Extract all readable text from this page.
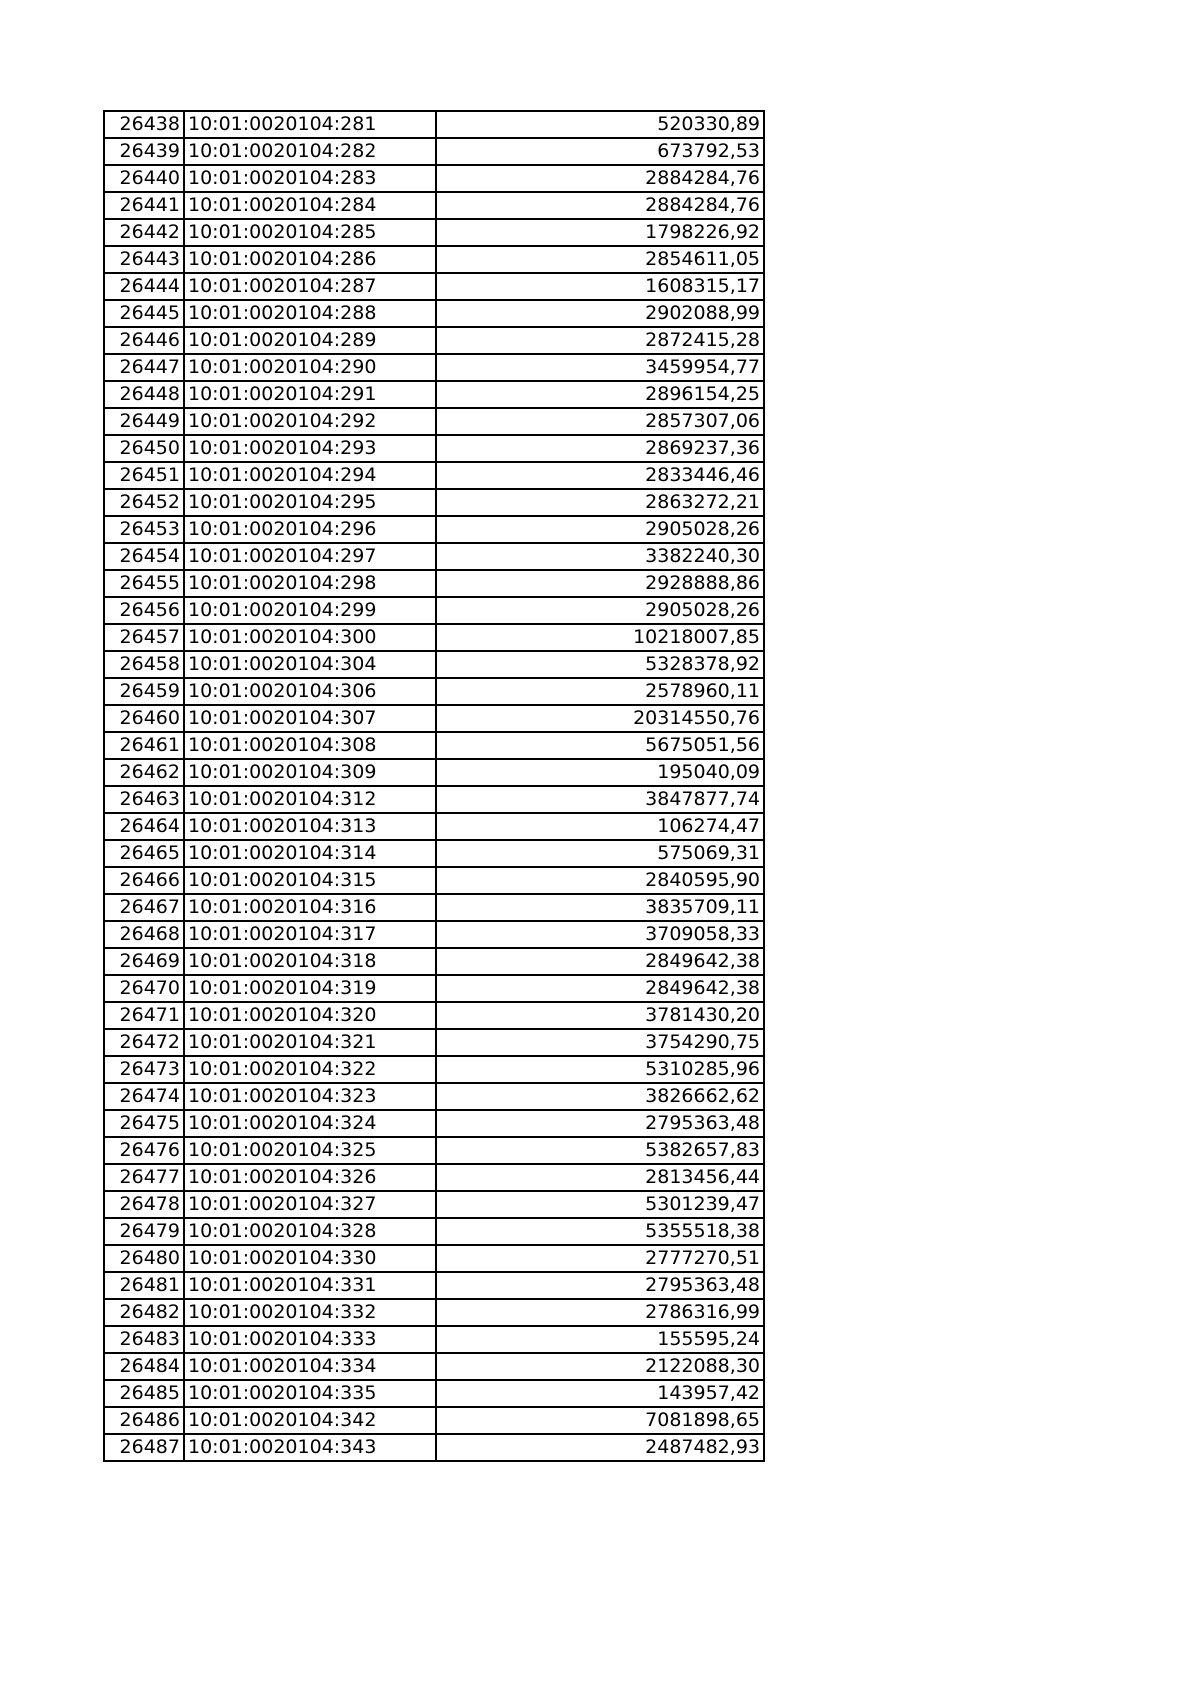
26438	10:01:0020104:281	520330,89
26439	10:01:0020104:282	673792,53
26440	10:01:0020104:283	2884284,76
26441	10:01:0020104:284	2884284,76
26442	10:01:0020104:285	1798226,92
26443	10:01:0020104:286	2854611,05
26444	10:01:0020104:287	1608315,17
26445	10:01:0020104:288	2902088,99
26446	10:01:0020104:289	2872415,28
26447	10:01:0020104:290	3459954,77
26448	10:01:0020104:291	2896154,25
26449	10:01:0020104:292	2857307,06
26450	10:01:0020104:293	2869237,36
26451	10:01:0020104:294	2833446,46
26452	10:01:0020104:295	2863272,21
26453	10:01:0020104:296	2905028,26
26454	10:01:0020104:297	3382240,30
26455	10:01:0020104:298	2928888,86
26456	10:01:0020104:299	2905028,26
26457	10:01:0020104:300	10218007,85
26458	10:01:0020104:304	5328378,92
26459	10:01:0020104:306	2578960,11
26460	10:01:0020104:307	20314550,76
26461	10:01:0020104:308	5675051,56
26462	10:01:0020104:309	195040,09
26463	10:01:0020104:312	3847877,74
26464	10:01:0020104:313	106274,47
26465	10:01:0020104:314	575069,31
26466	10:01:0020104:315	2840595,90
26467	10:01:0020104:316	3835709,11
26468	10:01:0020104:317	3709058,33
26469	10:01:0020104:318	2849642,38
26470	10:01:0020104:319	2849642,38
26471	10:01:0020104:320	3781430,20
26472	10:01:0020104:321	3754290,75
26473	10:01:0020104:322	5310285,96
26474	10:01:0020104:323	3826662,62
26475	10:01:0020104:324	2795363,48
26476	10:01:0020104:325	5382657,83
26477	10:01:0020104:326	2813456,44
26478	10:01:0020104:327	5301239,47
26479	10:01:0020104:328	5355518,38
26480	10:01:0020104:330	2777270,51
26481	10:01:0020104:331	2795363,48
26482	10:01:0020104:332	2786316,99
26483	10:01:0020104:333	155595,24
26484	10:01:0020104:334	2122088,30
26485	10:01:0020104:335	143957,42
26486	10:01:0020104:342	7081898,65
26487	10:01:0020104:343	2487482,93
